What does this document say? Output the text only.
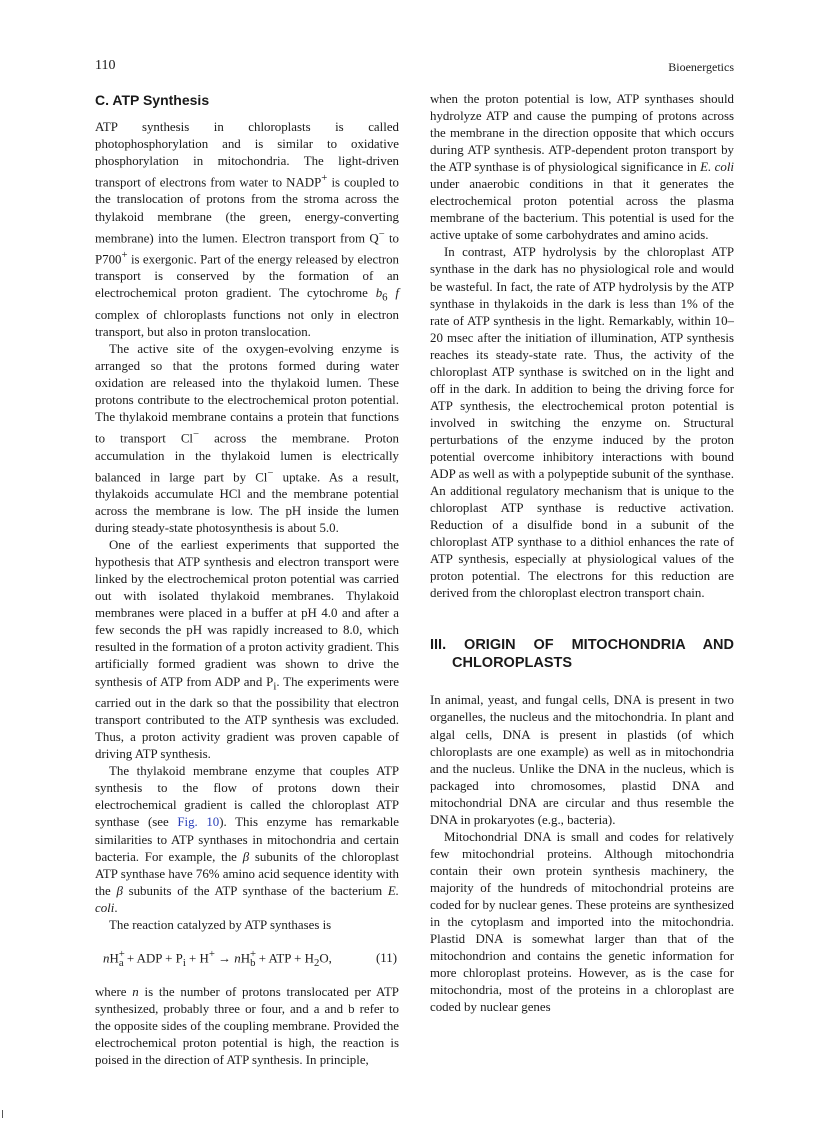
110	Bioenergetics
C. ATP Synthesis

ATP synthesis in chloroplasts is called photophosphorylation and is similar to oxidative phosphorylation in mitochondria. The light-driven transport of electrons from water to NADP+ is coupled to the translocation of protons from the stroma across the thylakoid membrane (the green, energy-converting membrane) into the lumen. Electron transport from Q− to P700+ is exergonic. Part of the energy released by electron transport is conserved by the formation of an electrochemical proton gradient. The cytochrome $b_6$ f complex of chloroplasts functions not only in electron transport, but also in proton translocation.

The active site of the oxygen-evolving enzyme is arranged so that the protons formed during water oxidation are released into the thylakoid lumen. These protons contribute to the electrochemical proton potential. The thylakoid membrane contains a protein that functions to transport Cl− across the membrane. Proton accumulation in the thylakoid lumen is electrically balanced in large part by Cl− uptake. As a result, thylakoids accumulate HCl and the membrane potential across the membrane is low. The pH inside the lumen during steady-state photosynthesis is about 5.0.

One of the earliest experiments that supported the hypothesis that ATP synthesis and electron transport were linked by the electrochemical proton potential was carried out with isolated thylakoid membranes. Thylakoid membranes were placed in a buffer at pH 4.0 and after a few seconds the pH was rapidly increased to 8.0, which resulted in the formation of a proton activity gradient. This artificially formed gradient was shown to drive the synthesis of ATP from ADP and $P_i$. The experiments were carried out in the dark so that the possibility that electron transport contributed to the ATP synthesis was excluded. Thus, a proton activity gradient was proven capable of driving ATP synthesis.

The thylakoid membrane enzyme that couples ATP synthesis to the flow of protons down their electrochemical gradient is called the chloroplast ATP synthase (see Fig. 10). This enzyme has remarkable similarities to ATP synthases in mitochondria and certain bacteria. For example, the β subunits of the chloroplast ATP synthase have 76% amino acid sequence identity with the β subunits of the ATP synthase of the bacterium E. coli.

The reaction catalyzed by ATP synthases is

$nH^+_a$ + ADP + $P_i + H^+ \to nH^+_b$ + ATP + $H_2O$,	(11)

where n is the number of protons translocated per ATP synthesized, probably three or four, and a and b refer to the opposite sides of the coupling membrane. Provided the electrochemical proton potential is high, the reaction is poised in the direction of ATP synthesis. In principle,

when the proton potential is low, ATP synthases should hydrolyze ATP and cause the pumping of protons across the membrane in the direction opposite that which occurs during ATP synthesis. ATP-dependent proton transport by the ATP synthase is of physiological significance in E. coli under anaerobic conditions in that it generates the electrochemical proton potential across the plasma membrane of the bacterium. This potential is used for the active uptake of some carbohydrates and amino acids.

In contrast, ATP hydrolysis by the chloroplast ATP synthase in the dark has no physiological role and would be wasteful. In fact, the rate of ATP hydrolysis by the ATP synthase in thylakoids in the dark is less than 1% of the rate of ATP synthesis in the light. Remarkably, within 10–20 msec after the initiation of illumination, ATP synthesis reaches its steady-state rate. Thus, the activity of the chloroplast ATP synthase is switched on in the light and off in the dark. In addition to being the driving force for ATP synthesis, the electrochemical proton potential is involved in switching the enzyme on. Structural perturbations of the enzyme induced by the proton potential overcome inhibitory interactions with bound ADP as well as with a polypeptide subunit of the synthase. An additional regulatory mechanism that is unique to the chloroplast ATP synthase is reductive activation. Reduction of a disulfide bond in a subunit of the chloroplast ATP synthase to a dithiol enhances the rate of ATP synthesis, especially at physiological values of the proton potential. The electrons for this reduction are derived from the chloroplast electron transport chain.

III. ORIGIN OF MITOCHONDRIA AND CHLOROPLASTS

In animal, yeast, and fungal cells, DNA is present in two organelles, the nucleus and the mitochondria. In plant and algal cells, DNA is present in plastids (of which chloroplasts are one example) as well as in mitochondria and the nucleus. Unlike the DNA in the nucleus, which is packaged into chromosomes, plastid DNA and mitochondrial DNA are circular and thus resemble the DNA in prokaryotes (e.g., bacteria).

Mitochondrial DNA is small and codes for relatively few mitochondrial proteins. Although mitochondria contain their own protein synthesis machinery, the majority of the hundreds of mitochondrial proteins are coded for by nuclear genes. These proteins are synthesized in the cytoplasm and imported into the mitochondria. Plastid DNA is somewhat larger than that of the mitochondrion and contains the genetic information for more chloroplast proteins. However, as is the case for mitochondria, most of the proteins in a chloroplast are coded by nuclear genes
